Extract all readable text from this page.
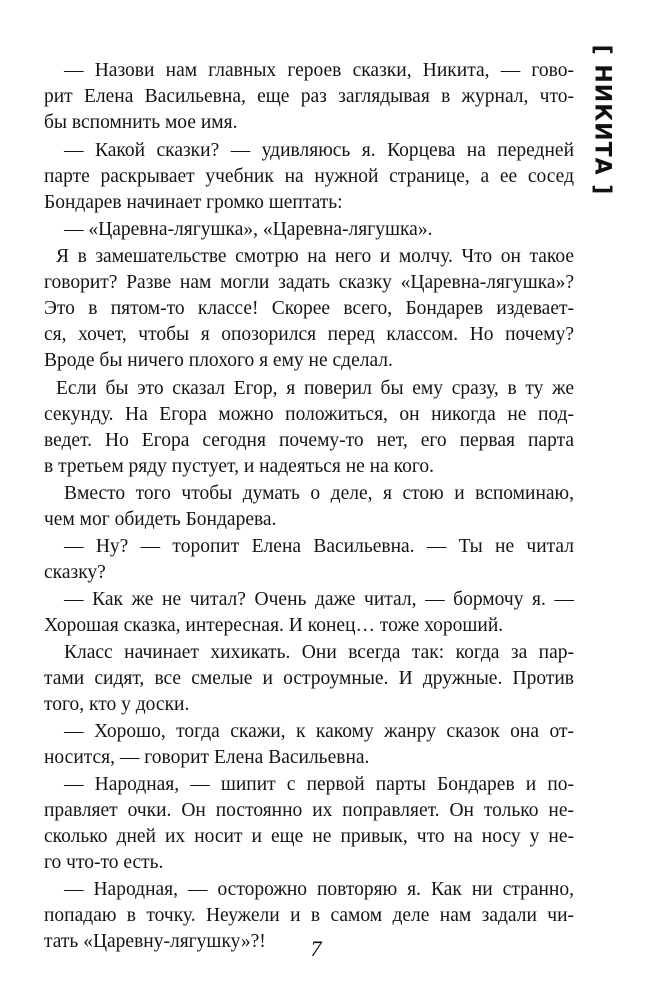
[ НИКИТА ]
— Назови нам главных героев сказки, Никита, — гово-
рит Елена Васильевна, еще раз заглядывая в журнал, что-
бы вспомнить мое имя.
— Какой сказки? — удивляюсь я. Корцева на передней
парте раскрывает учебник на нужной странице, а ее сосед
Бондарев начинает громко шептать:
— «Царевна-лягушка», «Царевна-лягушка».
Я в замешательстве смотрю на него и молчу. Что он такое
говорит? Разве нам могли задать сказку «Царевна-лягушка»?
Это в пятом-то классе! Скорее всего, Бондарев издевает-
ся, хочет, чтобы я опозорился перед классом. Но почему?
Вроде бы ничего плохого я ему не сделал.
Если бы это сказал Егор, я поверил бы ему сразу, в ту же
секунду. На Егора можно положиться, он никогда не под-
ведет. Но Егора сегодня почему-то нет, его первая парта
в третьем ряду пустует, и надеяться не на кого.
Вместо того чтобы думать о деле, я стою и вспоминаю,
чем мог обидеть Бондарева.
— Ну? — торопит Елена Васильевна. — Ты не читал
сказку?
— Как же не читал? Очень даже читал, — бормочу я. —
Хорошая сказка, интересная. И конец… тоже хороший.
Класс начинает хихикать. Они всегда так: когда за пар-
тами сидят, все смелые и остроумные. И дружные. Против
того, кто у доски.
— Хорошо, тогда скажи, к какому жанру сказок она от-
носится, — говорит Елена Васильевна.
— Народная, — шипит с первой парты Бондарев и по-
правляет очки. Он постоянно их поправляет. Он только не-
сколько дней их носит и еще не привык, что на носу у не-
го что-то есть.
— Народная, — осторожно повторяю я. Как ни странно,
попадаю в точку. Неужели и в самом деле нам задали чи-
тать «Царевну-лягушку»?!	7
